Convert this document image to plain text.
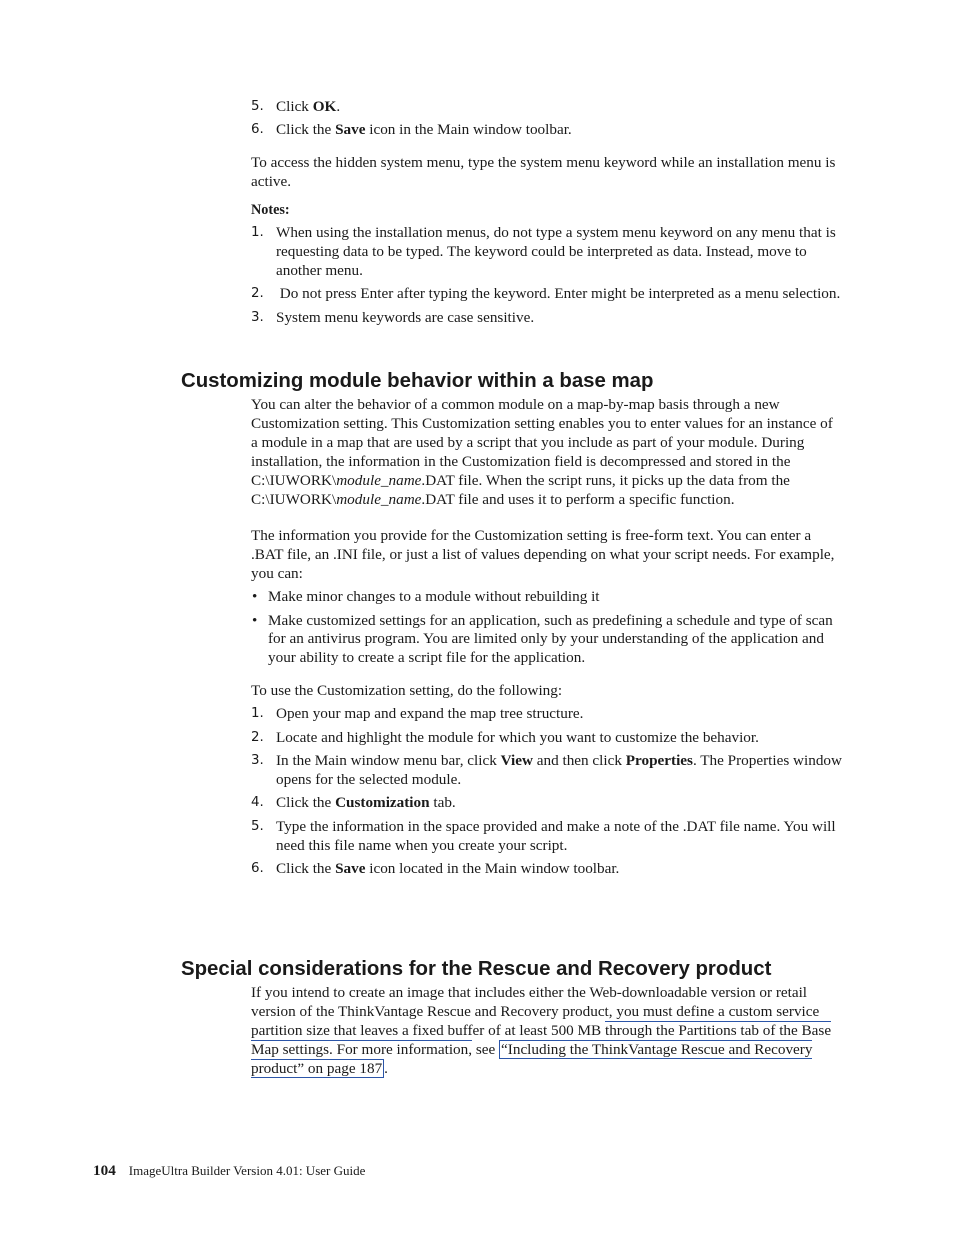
5. Click OK.
6. Click the Save icon in the Main window toolbar.

To access the hidden system menu, type the system menu keyword while an installation menu is active.

Notes:

1. When using the installation menus, do not type a system menu keyword on any menu that is requesting data to be typed. The keyword could be interpreted as data. Instead, move to another menu.
2. Do not press Enter after typing the keyword. Enter might be interpreted as a menu selection.
3. System menu keywords are case sensitive.
Customizing module behavior within a base map

You can alter the behavior of a common module on a map-by-map basis through a new Customization setting. This Customization setting enables you to enter values for an instance of a module in a map that are used by a script that you include as part of your module. During installation, the information in the Customization field is decompressed and stored in the C:\IUWORK\module_name.DAT file. When the script runs, it picks up the data from the C:\IUWORK\module_name.DAT file and uses it to perform a specific function.

The information you provide for the Customization setting is free-form text. You can enter a .BAT file, an .INI file, or just a list of values depending on what your script needs. For example, you can:

• Make minor changes to a module without rebuilding it
• Make customized settings for an application, such as predefining a schedule and type of scan for an antivirus program. You are limited only by your understanding of the application and your ability to create a script file for the application.

To use the Customization setting, do the following:

1. Open your map and expand the map tree structure.
2. Locate and highlight the module for which you want to customize the behavior.
3. In the Main window menu bar, click View and then click Properties. The Properties window opens for the selected module.
4. Click the Customization tab.
5. Type the information in the space provided and make a note of the .DAT file name. You will need this file name when you create your script.
6. Click the Save icon located in the Main window toolbar.
Special considerations for the Rescue and Recovery product

If you intend to create an image that includes either the Web-downloadable version or retail version of the ThinkVantage Rescue and Recovery product, you must define a custom service partition size that leaves a fixed buffer of at least 500 MB through the Partitions tab of the Base Map settings. For more information, see “Including the ThinkVantage Rescue and Recovery product” on page 187 .

104 ImageUltra Builder Version 4.01: User Guide
